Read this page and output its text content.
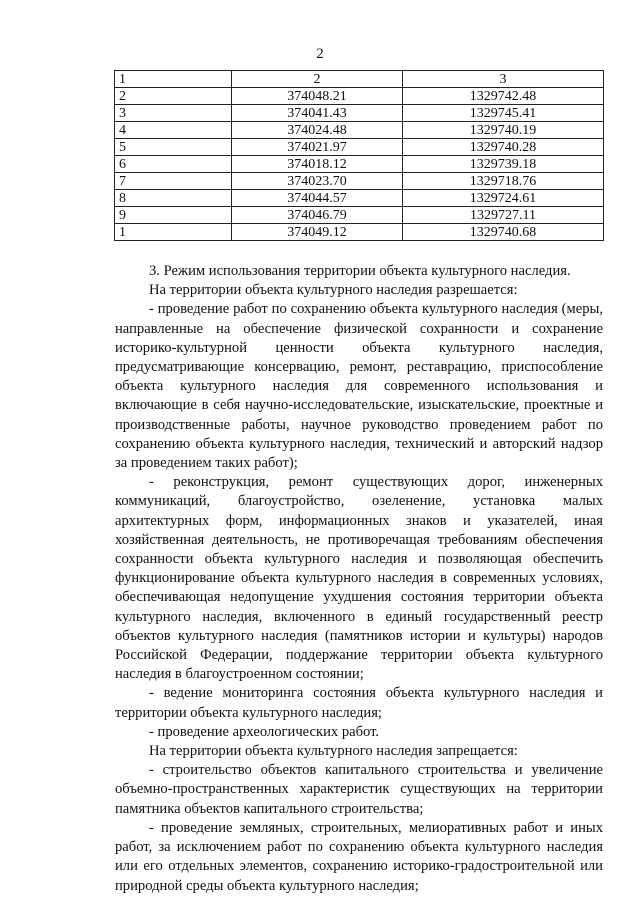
2
1	2	3
2	374048.21	1329742.48
3	374041.43	1329745.41
4	374024.48	1329740.19
5	374021.97	1329740.28
6	374018.12	1329739.18
7	374023.70	1329718.76
8	374044.57	1329724.61
9	374046.79	1329727.11
1	374049.12	1329740.68

3. Режим использования территории объекта культурного наследия.

На территории объекта культурного наследия разрешается:

- проведение работ по сохранению объекта культурного наследия (меры, направленные на обеспечение физической сохранности и сохранение историко-культурной ценности объекта культурного наследия, предусматривающие консервацию, ремонт, реставрацию, приспособление объекта культурного наследия для современного использования и включающие в себя научно-исследовательские, изыскательские, проектные и производственные работы, научное руководство проведением работ по сохранению объекта культурного наследия, технический и авторский надзор за проведением таких работ);

- реконструкция, ремонт существующих дорог, инженерных коммуникаций, благоустройство, озеленение, установка малых архитектурных форм, информационных знаков и указателей, иная хозяйственная деятельность, не противоречащая требованиям обеспечения сохранности объекта культурного наследия и позволяющая обеспечить функционирование объекта культурного наследия в современных условиях, обеспечивающая недопущение ухудшения состояния территории объекта культурного наследия, включенного в единый государственный реестр объектов культурного наследия (памятников истории и культуры) народов Российской Федерации, поддержание территории объекта культурного наследия в благоустроенном состоянии;

- ведение мониторинга состояния объекта культурного наследия и территории объекта культурного наследия;

- проведение археологических работ.

На территории объекта культурного наследия запрещается:

- строительство объектов капитального строительства и увеличение объемно-пространственных характеристик существующих на территории памятника объектов капитального строительства;

- проведение земляных, строительных, мелиоративных работ и иных работ, за исключением работ по сохранению объекта культурного наследия или его отдельных элементов, сохранению историко-градостроительной или природной среды объекта культурного наследия;
